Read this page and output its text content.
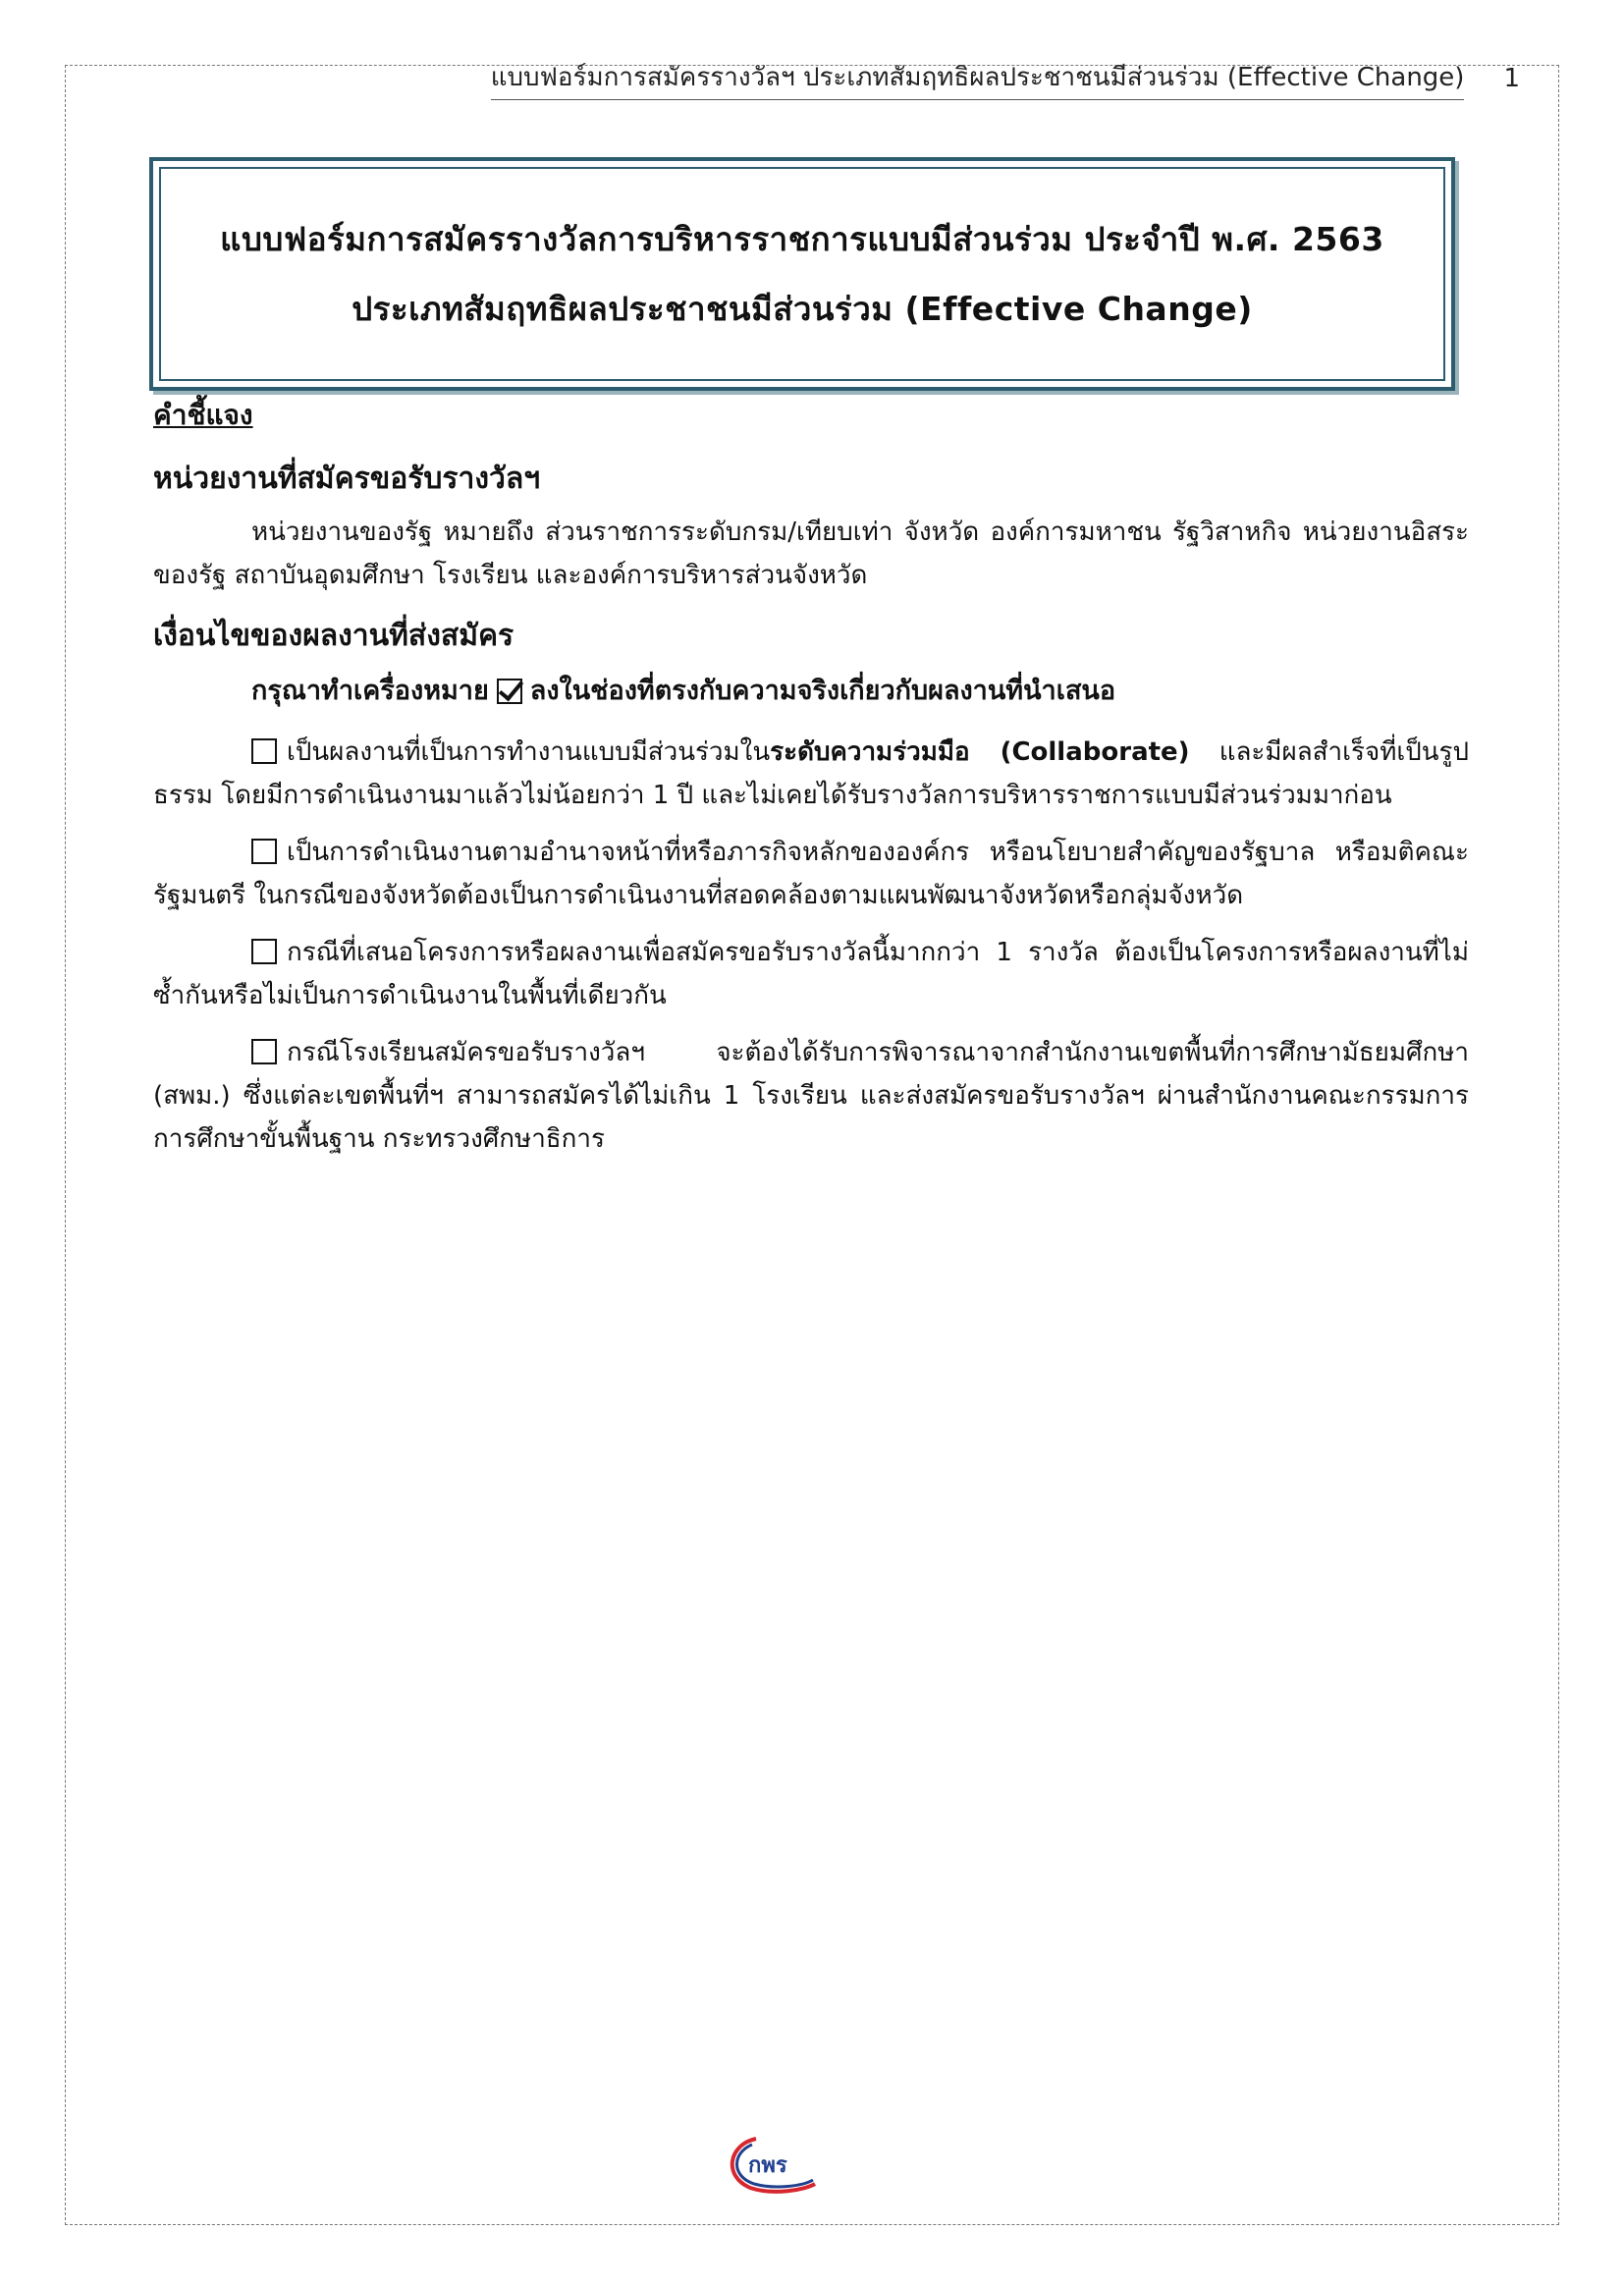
แบบฟอร์มการสมัครรางวัลฯ ประเภทสัมฤทธิผลประชาชนมีส่วนร่วม (Effective Change) 1
แบบฟอร์มการสมัครรางวัลการบริหารราชการแบบมีส่วนร่วม ประจำปี พ.ศ. 2563
ประเภทสัมฤทธิผลประชาชนมีส่วนร่วม (Effective Change)

คำชี้แจง

หน่วยงานที่สมัครขอรับรางวัลฯ

หน่วยงานของรัฐ หมายถึง ส่วนราชการระดับกรม/เทียบเท่า จังหวัด องค์การมหาชน รัฐวิสาหกิจ หน่วยงานอิสระของรัฐ สถาบันอุดมศึกษา โรงเรียน และองค์การบริหารส่วนจังหวัด

เงื่อนไขของผลงานที่ส่งสมัคร
กรุณาทำเครื่องหมาย ลงในช่องที่ตรงกับความจริงเกี่ยวกับผลงานที่นำเสนอ

เป็นผลงานที่เป็นการทำงานแบบมีส่วนร่วมในระดับความร่วมมือ (Collaborate) และมีผลสำเร็จที่เป็นรูปธรรม โดยมีการดำเนินงานมาแล้วไม่น้อยกว่า 1 ปี และไม่เคยได้รับรางวัลการบริหารราชการแบบมีส่วนร่วมมาก่อน

เป็นการดำเนินงานตามอำนาจหน้าที่หรือภารกิจหลักขององค์กร หรือนโยบายสำคัญของรัฐบาล หรือมติคณะรัฐมนตรี ในกรณีของจังหวัดต้องเป็นการดำเนินงานที่สอดคล้องตามแผนพัฒนาจังหวัดหรือกลุ่มจังหวัด

กรณีที่เสนอโครงการหรือผลงานเพื่อสมัครขอรับรางวัลนี้มากกว่า 1 รางวัล ต้องเป็นโครงการหรือผลงานที่ไม่ซ้ำกันหรือไม่เป็นการดำเนินงานในพื้นที่เดียวกัน

กรณีโรงเรียนสมัครขอรับรางวัลฯ จะต้องได้รับการพิจารณาจากสำนักงานเขตพื้นที่การศึกษามัธยมศึกษา (สพม.) ซึ่งแต่ละเขตพื้นที่ฯ สามารถสมัครได้ไม่เกิน 1 โรงเรียน และส่งสมัครขอรับรางวัลฯ ผ่านสำนักงานคณะกรรมการการศึกษาขั้นพื้นฐาน กระทรวงศึกษาธิการ

กพร
